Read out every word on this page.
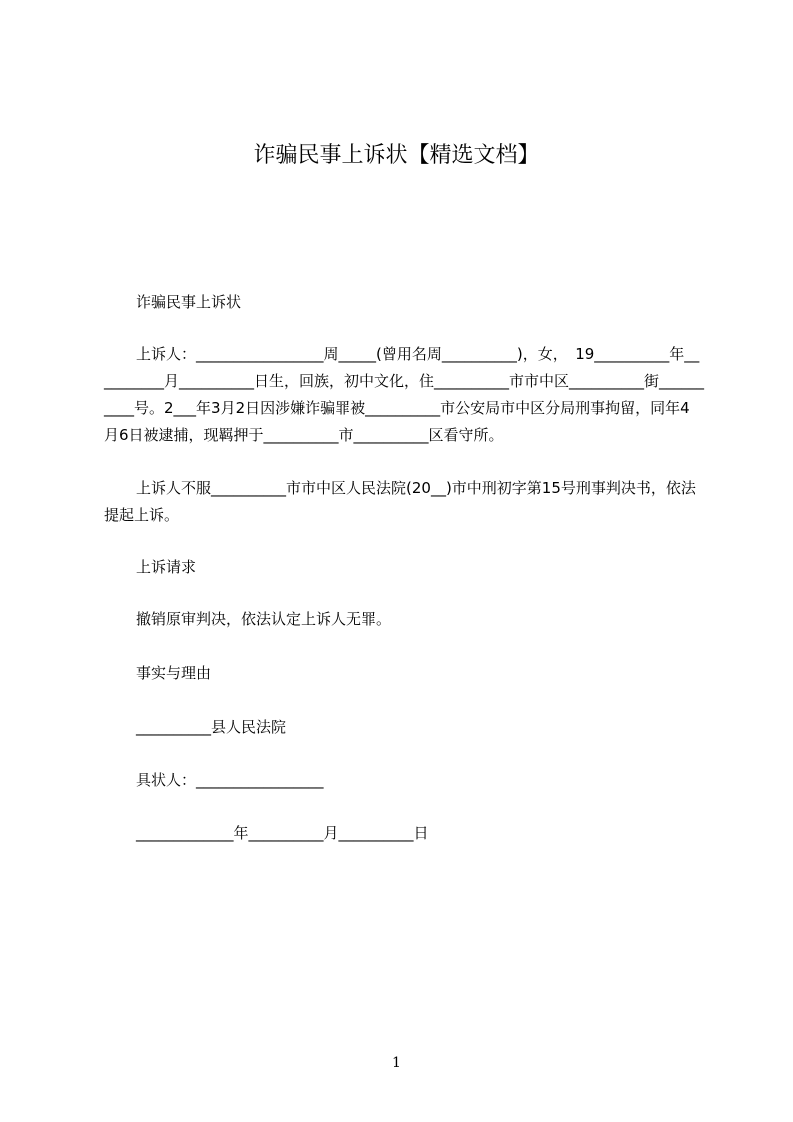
诈骗民事上诉状【精选文档】

诈骗民事上诉状

上诉人：_________________周_____(曾用名周__________)，女，　19__________年__________月__________日生，回族，初中文化，住__________市市中区__________街__________号。2___年3月2日因涉嫌诈骗罪被__________市公安局市中区分局刑事拘留，同年4月6日被逮捕，现羁押于__________市__________区看守所。

上诉人不服__________市市中区人民法院(20__)市中刑初字第15号刑事判决书，依法提起上诉。

上诉请求

撤销原审判决，依法认定上诉人无罪。

事实与理由

__________县人民法院

具状人：_________________

_____________年__________月__________日

1
